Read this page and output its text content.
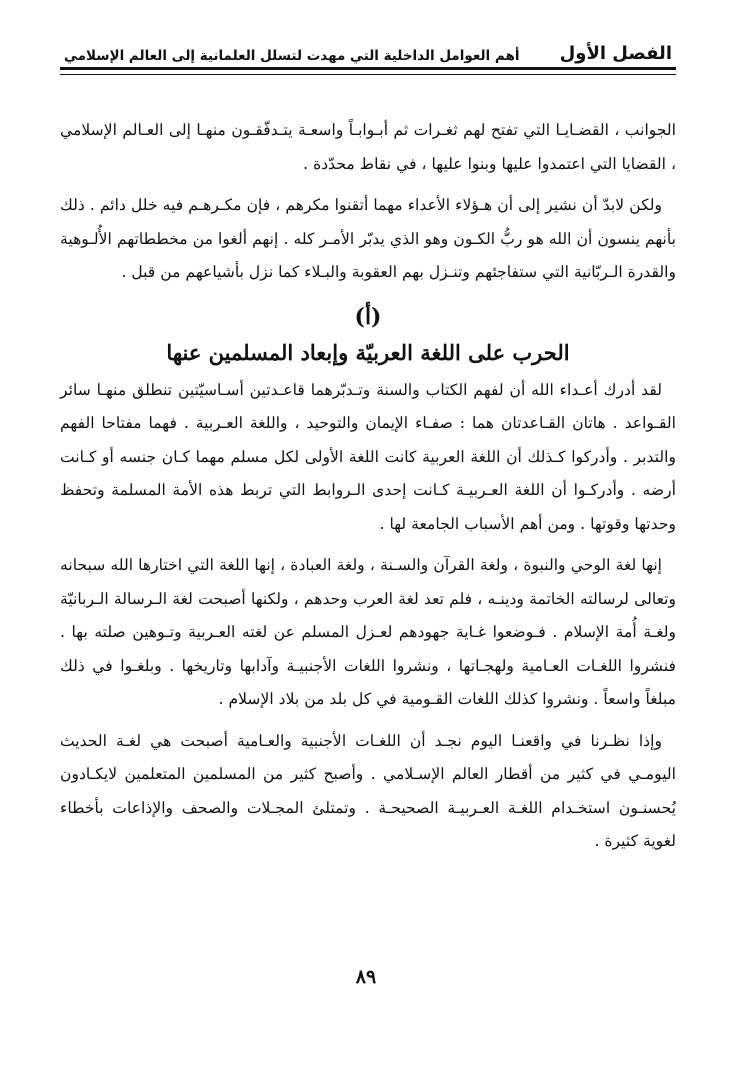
الفصل الأول
أهم العوامل الداخلية التي مهدت لتسلل العلمانية إلى العالم الإسلامي

الجوانب ، القضـايـا التي تفتح لهم ثغـرات ثم أبـوابـاً واسعـة يتـدفّقـون منهـا إلى العـالم الإسلامي ، القضايا التي اعتمدوا عليها وبنوا عليها ، في نقاط محدّدة .

ولكن لابدّ أن نشير إلى أن هـؤلاء الأعداء مهما أتقنوا مكرهم ، فإن مكـرهـم فيه خلل دائم . ذلك بأنهم ينسون أن الله هو ربُّ الكـون وهو الذي يدبّر الأمـر كله . إنهم ألغوا من مخططاتهم الأُلـوهية والقدرة الـربّانية التي ستفاجئهم وتنـزل بهم العقوبة والبـلاء كما نزل بأشياعهم من قبل .

(أ)
الحرب على اللغة العربيّة وإبعاد المسلمين عنها

لقد أدرك أعـداء الله أن لفهم الكتاب والسنة وتـدبّرهما قاعـدتين أسـاسيّتين تنطلق منهـا سائر القـواعد . هاتان القـاعدتان هما : صفـاء الإيمان والتوحيد ، واللغة العـربية . فهما مفتاحا الفهم والتدبر . وأدركوا كـذلك أن اللغة العربية كانت اللغة الأولى لكل مسلم مهما كـان جنسه أو كـانت أرضه . وأدركـوا أن اللغة العـربيـة كـانت إحدى الـروابط التي تربط هذه الأمة المسلمة وتحفظ وحدتها وقوتها . ومن أهم الأسباب الجامعة لها .

إنها لغة الوحي والنبوة ، ولغة القرآن والسـنة ، ولغة العبادة ، إنها اللغة التي اختارها الله سبحانه وتعالى لرسالته الخاتمة ودينـه ، فلم تعد لغة العرب وحدهم ، ولكنها أصبحت لغة الـرسالة الـربانيّة ولغـة أُمة الإسلام . فـوضعوا غـاية جهودهم لعـزل المسلم عن لغته العـربية وتـوهين صلته بها . فنشروا اللغـات العـامية ولهجـاتها ، ونشروا اللغات الأجنبيـة وآدابها وتاريخها . وبلغـوا في ذلك مبلغاً واسعاً . ونشروا كذلك اللغات القـومية في كل بلد من بلاد الإسلام .

وإذا نظـرنا في واقعنـا اليوم نجـد أن اللغـات الأجنبية والعـامية أصبحت هي لغـة الحديث اليومـي في كثير من أقطار العالم الإسـلامي . وأصبح كثير من المسلمين المتعلمين لايكـادون يُحسنـون استخـدام اللغـة العـربيـة الصحيحـة . وتمتلئ المجـلات والصحف والإذاعات بأخطاء لغوية كثيرة .

٨٩
